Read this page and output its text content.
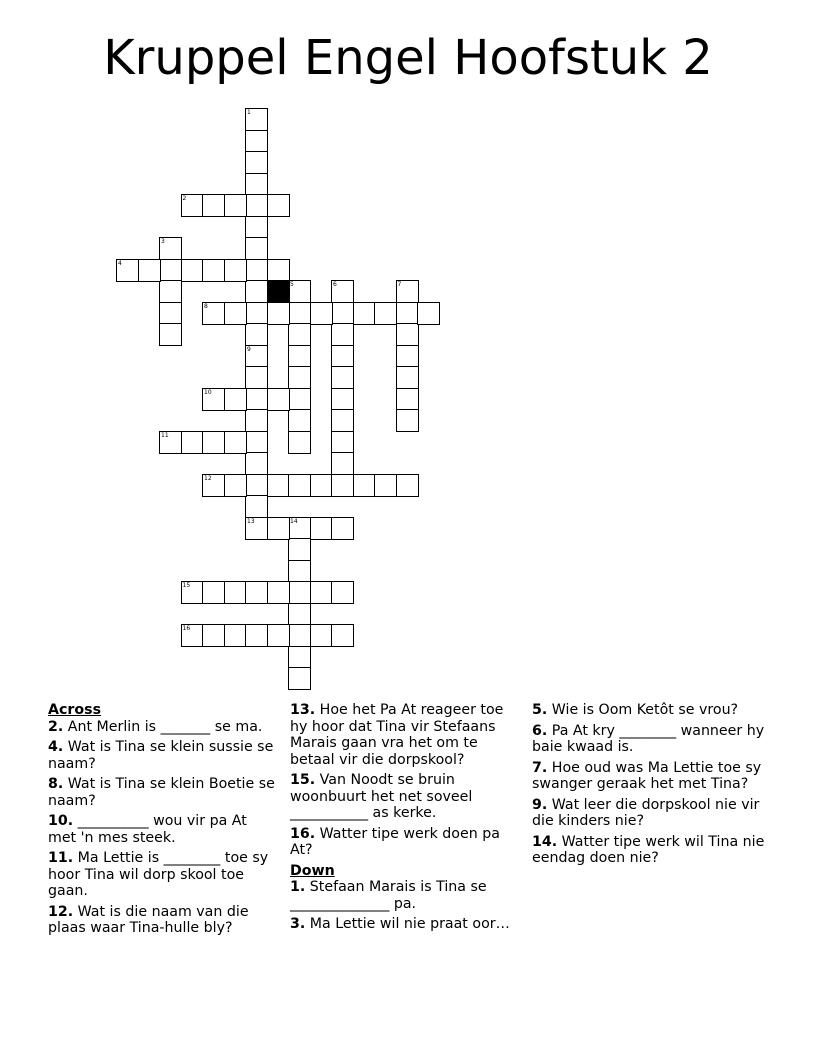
Kruppel Engel Hoofstuk 2
1
9
3
5	6	7
13	14
2
4
8
10
11
12
15
16
Across
2. Ant Merlin is _______ se ma.
4. Wat is Tina se klein sussie se naam?
8. Wat is Tina se klein Boetie se naam?
10. __________ wou vir pa At met 'n mes steek.
11. Ma Lettie is ________ toe sy hoor Tina wil dorp skool toe gaan.
12. Wat is die naam van die plaas waar Tina-hulle bly?
13. Hoe het Pa At reageer toe hy hoor dat Tina vir Stefaans Marais gaan vra het om te betaal vir die dorpskool?
15. Van Noodt se bruin woonbuurt het net soveel ___________ as kerke.
16. Watter tipe werk doen pa At?
Down
1. Stefaan Marais is Tina se ______________ pa.
3. Ma Lettie wil nie praat oor…
5. Wie is Oom Ketôt se vrou?
6. Pa At kry ________ wanneer hy baie kwaad is.
7. Hoe oud was Ma Lettie toe sy swanger geraak het met Tina?
9. Wat leer die dorpskool nie vir die kinders nie?
14. Watter tipe werk wil Tina nie eendag doen nie?
